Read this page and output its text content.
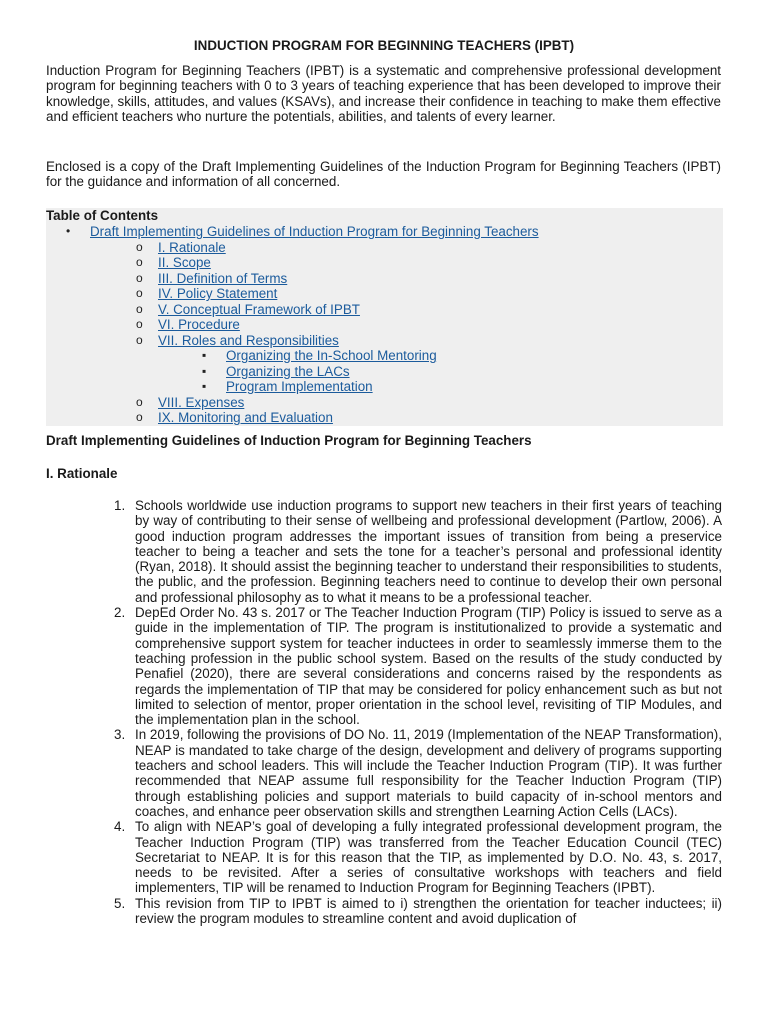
INDUCTION PROGRAM FOR BEGINNING TEACHERS (IPBT)
Induction Program for Beginning Teachers (IPBT) is a systematic and comprehensive professional development program for beginning teachers with 0 to 3 years of teaching experience that has been developed to improve their knowledge, skills, attitudes, and values (KSAVs), and increase their confidence in teaching to make them effective and efficient teachers who nurture the potentials, abilities, and talents of every learner.
Enclosed is a copy of the Draft Implementing Guidelines of the Induction Program for Beginning Teachers (IPBT) for the guidance and information of all concerned.
Table of Contents
• Draft Implementing Guidelines of Induction Program for Beginning Teachers
o I. Rationale
o II. Scope
o III. Definition of Terms
o IV. Policy Statement
o V. Conceptual Framework of IPBT
o VI. Procedure
o VII. Roles and Responsibilities
▪ Organizing the In-School Mentoring
▪ Organizing the LACs
▪ Program Implementation
o VIII. Expenses
o IX. Monitoring and Evaluation
Draft Implementing Guidelines of Induction Program for Beginning Teachers
I. Rationale
1. Schools worldwide use induction programs to support new teachers in their first years of teaching by way of contributing to their sense of wellbeing and professional development (Partlow, 2006). A good induction program addresses the important issues of transition from being a preservice teacher to being a teacher and sets the tone for a teacher’s personal and professional identity (Ryan, 2018). It should assist the beginning teacher to understand their responsibilities to students, the public, and the profession. Beginning teachers need to continue to develop their own personal and professional philosophy as to what it means to be a professional teacher.
2. DepEd Order No. 43 s. 2017 or The Teacher Induction Program (TIP) Policy is issued to serve as a guide in the implementation of TIP. The program is institutionalized to provide a systematic and comprehensive support system for teacher inductees in order to seamlessly immerse them to the teaching profession in the public school system. Based on the results of the study conducted by Penafiel (2020), there are several considerations and concerns raised by the respondents as regards the implementation of TIP that may be considered for policy enhancement such as but not limited to selection of mentor, proper orientation in the school level, revisiting of TIP Modules, and the implementation plan in the school.
3. In 2019, following the provisions of DO No. 11, 2019 (Implementation of the NEAP Transformation), NEAP is mandated to take charge of the design, development and delivery of programs supporting teachers and school leaders. This will include the Teacher Induction Program (TIP). It was further recommended that NEAP assume full responsibility for the Teacher Induction Program (TIP) through establishing policies and support materials to build capacity of in-school mentors and coaches, and enhance peer observation skills and strengthen Learning Action Cells (LACs).
4. To align with NEAP’s goal of developing a fully integrated professional development program, the Teacher Induction Program (TIP) was transferred from the Teacher Education Council (TEC) Secretariat to NEAP. It is for this reason that the TIP, as implemented by D.O. No. 43, s. 2017, needs to be revisited. After a series of consultative workshops with teachers and field implementers, TIP will be renamed to Induction Program for Beginning Teachers (IPBT).
5. This revision from TIP to IPBT is aimed to i) strengthen the orientation for teacher inductees; ii) review the program modules to streamline content and avoid duplication of
